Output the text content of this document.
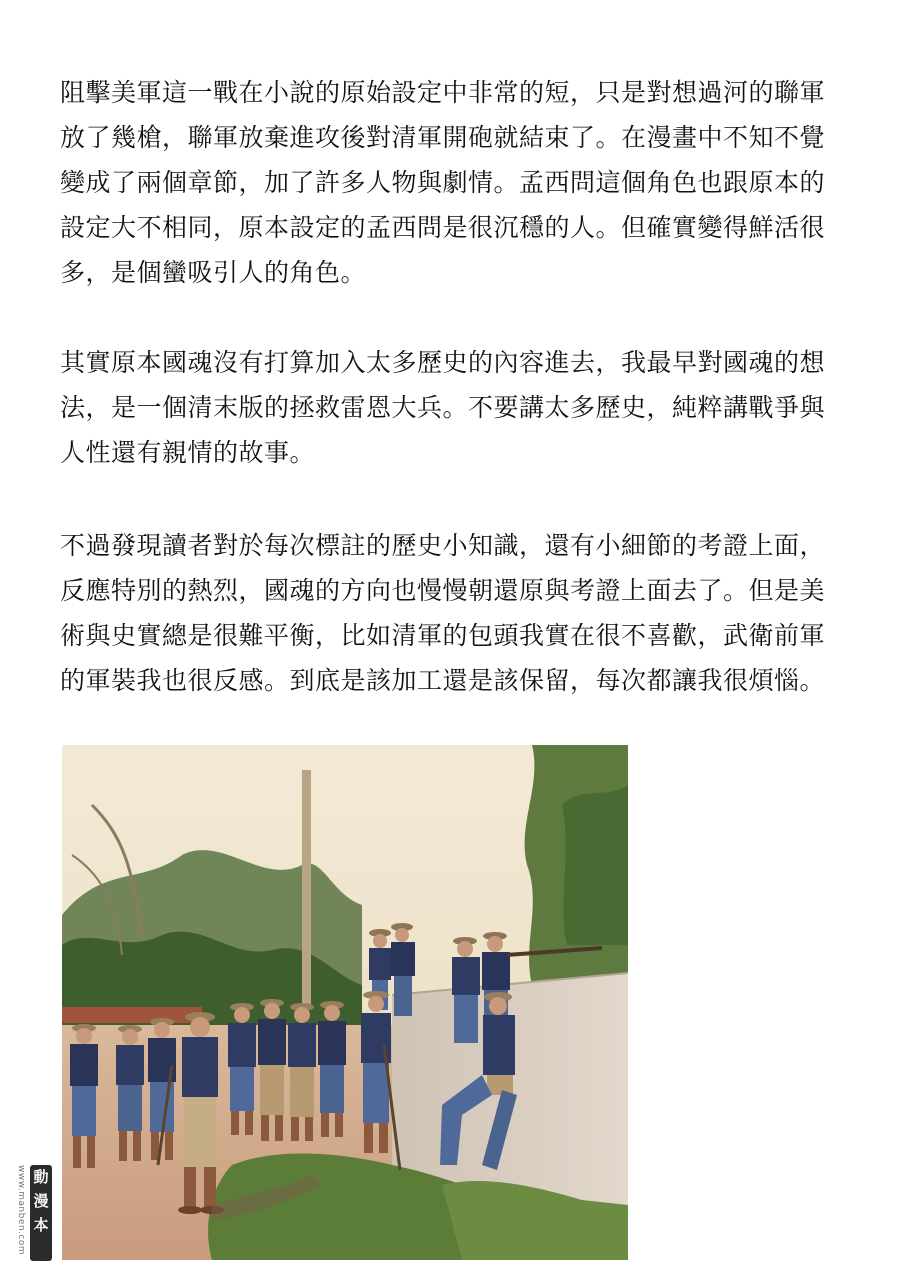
阻擊美軍這一戰在小說的原始設定中非常的短，只是對想過河的聯軍
放了幾槍，聯軍放棄進攻後對清軍開砲就結束了。在漫畫中不知不覺
變成了兩個章節，加了許多人物與劇情。孟西問這個角色也跟原本的
設定大不相同，原本設定的孟西問是很沉穩的人。但確實變得鮮活很
多，是個蠻吸引人的角色。

其實原本國魂沒有打算加入太多歷史的內容進去，我最早對國魂的想
法，是一個清末版的拯救雷恩大兵。不要講太多歷史，純粹講戰爭與
人性還有親情的故事。

不過發現讀者對於每次標註的歷史小知識，還有小細節的考證上面，
反應特別的熱烈，國魂的方向也慢慢朝還原與考證上面去了。但是美
術與史實總是很難平衡，比如清軍的包頭我實在很不喜歡，武衛前軍
的軍裝我也很反感。到底是該加工還是該保留，每次都讓我很煩惱。

www.manben.com 動
漫
本
